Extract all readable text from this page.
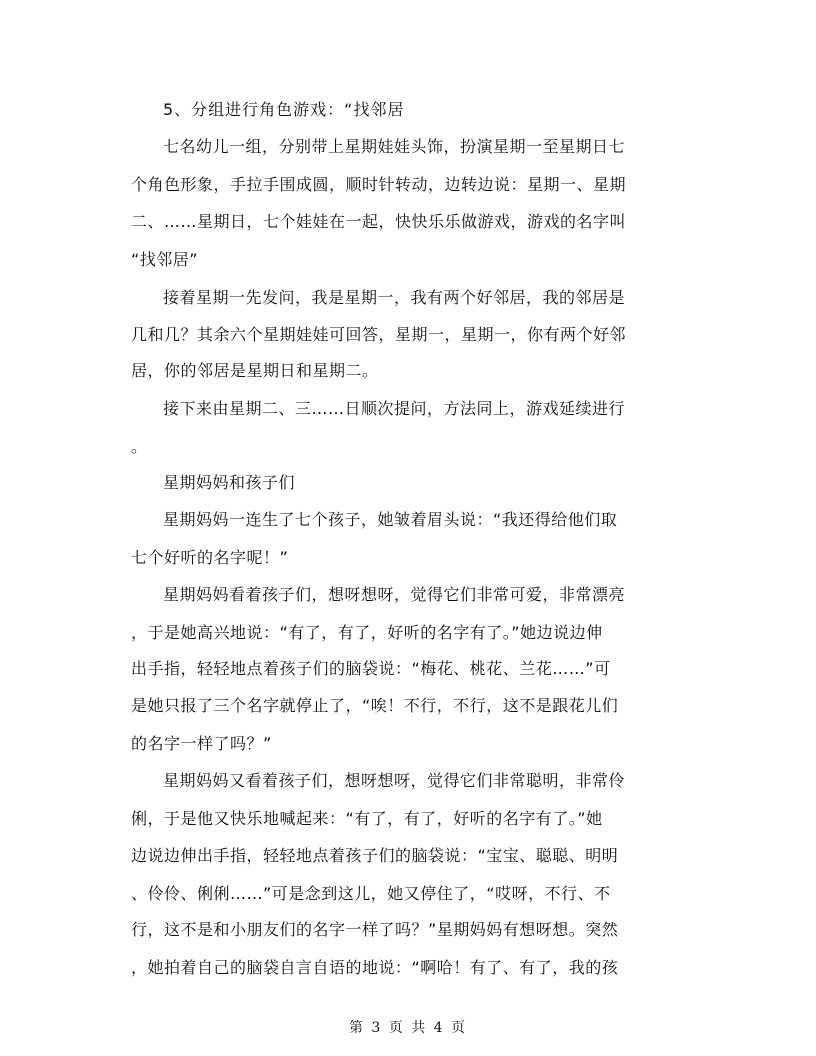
5、分组进行角色游戏：“找邻居
七名幼儿一组，分别带上星期娃娃头饰，扮演星期一至星期日七
个角色形象，手拉手围成圆，顺时针转动，边转边说：星期一、星期
二、……星期日，七个娃娃在一起，快快乐乐做游戏，游戏的名字叫
“找邻居”
接着星期一先发问，我是星期一，我有两个好邻居，我的邻居是
几和几？其余六个星期娃娃可回答，星期一，星期一，你有两个好邻
居，你的邻居是星期日和星期二。
接下来由星期二、三……日顺次提问，方法同上，游戏延续进行
。
星期妈妈和孩子们
星期妈妈一连生了七个孩子，她皱着眉头说：“我还得给他们取
七个好听的名字呢！”
星期妈妈看着孩子们，想呀想呀，觉得它们非常可爱，非常漂亮
，于是她高兴地说：“有了，有了，好听的名字有了。”她边说边伸
出手指，轻轻地点着孩子们的脑袋说：“梅花、桃花、兰花……”可
是她只报了三个名字就停止了，“唉！不行，不行，这不是跟花儿们
的名字一样了吗？”
星期妈妈又看着孩子们，想呀想呀，觉得它们非常聪明，非常伶
俐，于是他又快乐地喊起来：“有了，有了，好听的名字有了。”她
边说边伸出手指，轻轻地点着孩子们的脑袋说：“宝宝、聪聪、明明
、伶伶、俐俐……”可是念到这儿，她又停住了，“哎呀，不行、不
行，这不是和小朋友们的名字一样了吗？”星期妈妈有想呀想。突然
，她拍着自己的脑袋自言自语的地说：“啊哈！有了、有了，我的孩
第 3 页 共 4 页
